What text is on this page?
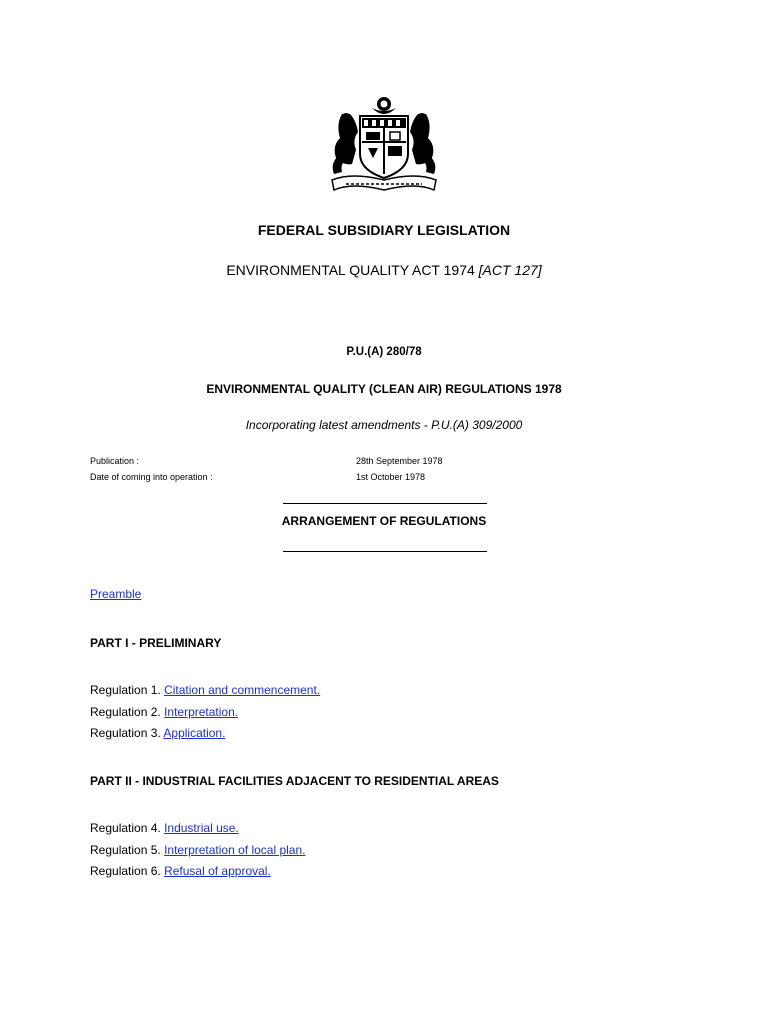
FEDERAL SUBSIDIARY LEGISLATION
ENVIRONMENTAL QUALITY ACT 1974 [ACT 127]
P.U.(A) 280/78
ENVIRONMENTAL QUALITY (CLEAN AIR) REGULATIONS 1978
Incorporating latest amendments - P.U.(A) 309/2000
Publication :	28th September 1978
Date of coming into operation :	1st October 1978
ARRANGEMENT OF REGULATIONS
Preamble
PART I - PRELIMINARY
Regulation 1. Citation and commencement.
Regulation 2. Interpretation.
Regulation 3. Application.
PART II - INDUSTRIAL FACILITIES ADJACENT TO RESIDENTIAL AREAS
Regulation 4. Industrial use.
Regulation 5. Interpretation of local plan.
Regulation 6. Refusal of approval.
